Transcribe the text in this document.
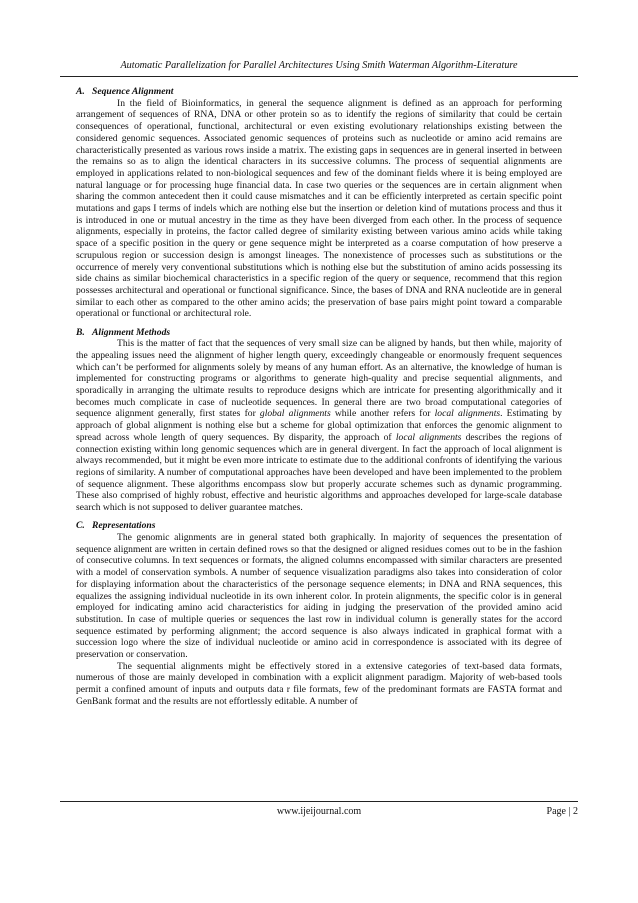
Automatic Parallelization for Parallel Architectures Using Smith Waterman Algorithm-Literature
A. Sequence Alignment

In the field of Bioinformatics, in general the sequence alignment is defined as an approach for performing arrangement of sequences of RNA, DNA or other protein so as to identify the regions of similarity that could be certain consequences of operational, functional, architectural or even existing evolutionary relationships existing between the considered genomic sequences. Associated genomic sequences of proteins such as nucleotide or amino acid remains are characteristically presented as various rows inside a matrix. The existing gaps in sequences are in general inserted in between the remains so as to align the identical characters in its successive columns. The process of sequential alignments are employed in applications related to non-biological sequences and few of the dominant fields where it is being employed are natural language or for processing huge financial data. In case two queries or the sequences are in certain alignment when sharing the common antecedent then it could cause mismatches and it can be efficiently interpreted as certain specific point mutations and gaps I terms of indels which are nothing else but the insertion or deletion kind of mutations process and thus it is introduced in one or mutual ancestry in the time as they have been diverged from each other. In the process of sequence alignments, especially in proteins, the factor called degree of similarity existing between various amino acids while taking space of a specific position in the query or gene sequence might be interpreted as a coarse computation of how preserve a scrupulous region or succession design is amongst lineages. The nonexistence of processes such as substitutions or the occurrence of merely very conventional substitutions which is nothing else but the substitution of amino acids possessing its side chains as similar biochemical characteristics in a specific region of the query or sequence, recommend that this region possesses architectural and operational or functional significance. Since, the bases of DNA and RNA nucleotide are in general similar to each other as compared to the other amino acids; the preservation of base pairs might point toward a comparable operational or functional or architectural role.

B. Alignment Methods

This is the matter of fact that the sequences of very small size can be aligned by hands, but then while, majority of the appealing issues need the alignment of higher length query, exceedingly changeable or enormously frequent sequences which can’t be performed for alignments solely by means of any human effort. As an alternative, the knowledge of human is implemented for constructing programs or algorithms to generate high-quality and precise sequential alignments, and sporadically in arranging the ultimate results to reproduce designs which are intricate for presenting algorithmically and it becomes much complicate in case of nucleotide sequences. In general there are two broad computational categories of sequence alignment generally, first states for global alignments while another refers for local alignments. Estimating by approach of global alignment is nothing else but a scheme for global optimization that enforces the genomic alignment to spread across whole length of query sequences. By disparity, the approach of local alignments describes the regions of connection existing within long genomic sequences which are in general divergent. In fact the approach of local alignment is always recommended, but it might be even more intricate to estimate due to the additional confronts of identifying the various regions of similarity. A number of computational approaches have been developed and have been implemented to the problem of sequence alignment. These algorithms encompass slow but properly accurate schemes such as dynamic programming. These also comprised of highly robust, effective and heuristic algorithms and approaches developed for large-scale database search which is not supposed to deliver guarantee matches.

C. Representations

The genomic alignments are in general stated both graphically. In majority of sequences the presentation of sequence alignment are written in certain defined rows so that the designed or aligned residues comes out to be in the fashion of consecutive columns. In text sequences or formats, the aligned columns encompassed with similar characters are presented with a model of conservation symbols. A number of sequence visualization paradigms also takes into consideration of color for displaying information about the characteristics of the personage sequence elements; in DNA and RNA sequences, this equalizes the assigning individual nucleotide in its own inherent color. In protein alignments, the specific color is in general employed for indicating amino acid characteristics for aiding in judging the preservation of the provided amino acid substitution. In case of multiple queries or sequences the last row in individual column is generally states for the accord sequence estimated by performing alignment; the accord sequence is also always indicated in graphical format with a succession logo where the size of individual nucleotide or amino acid in correspondence is associated with its degree of preservation or conservation.

The sequential alignments might be effectively stored in a extensive categories of text-based data formats, numerous of those are mainly developed in combination with a explicit alignment paradigm. Majority of web-based tools permit a confined amount of inputs and outputs data r file formats, few of the predominant formats are FASTA format and GenBank format and the results are not effortlessly editable. A number of

www.ijeijournal.com	Page | 2
